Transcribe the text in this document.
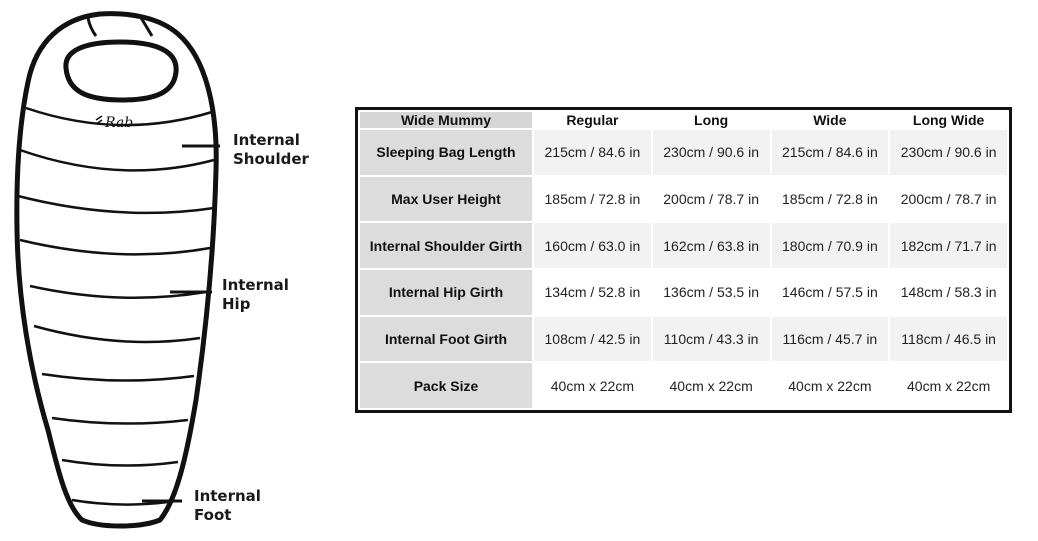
Rab
Internal
Shoulder
Internal
Hip
Internal
Foot
Wide Mummy	Regular	Long	Wide	Long Wide
Sleeping Bag Length	215cm / 84.6 in	230cm / 90.6 in	215cm / 84.6 in	230cm / 90.6 in
Max User Height	185cm / 72.8 in	200cm / 78.7 in	185cm / 72.8 in	200cm / 78.7 in
Internal Shoulder Girth	160cm / 63.0 in	162cm / 63.8 in	180cm / 70.9 in	182cm / 71.7 in
Internal Hip Girth	134cm / 52.8 in	136cm / 53.5 in	146cm / 57.5 in	148cm / 58.3 in
Internal Foot Girth	108cm / 42.5 in	110cm / 43.3 in	116cm / 45.7 in	118cm / 46.5 in
Pack Size	40cm x 22cm	40cm x 22cm	40cm x 22cm	40cm x 22cm
